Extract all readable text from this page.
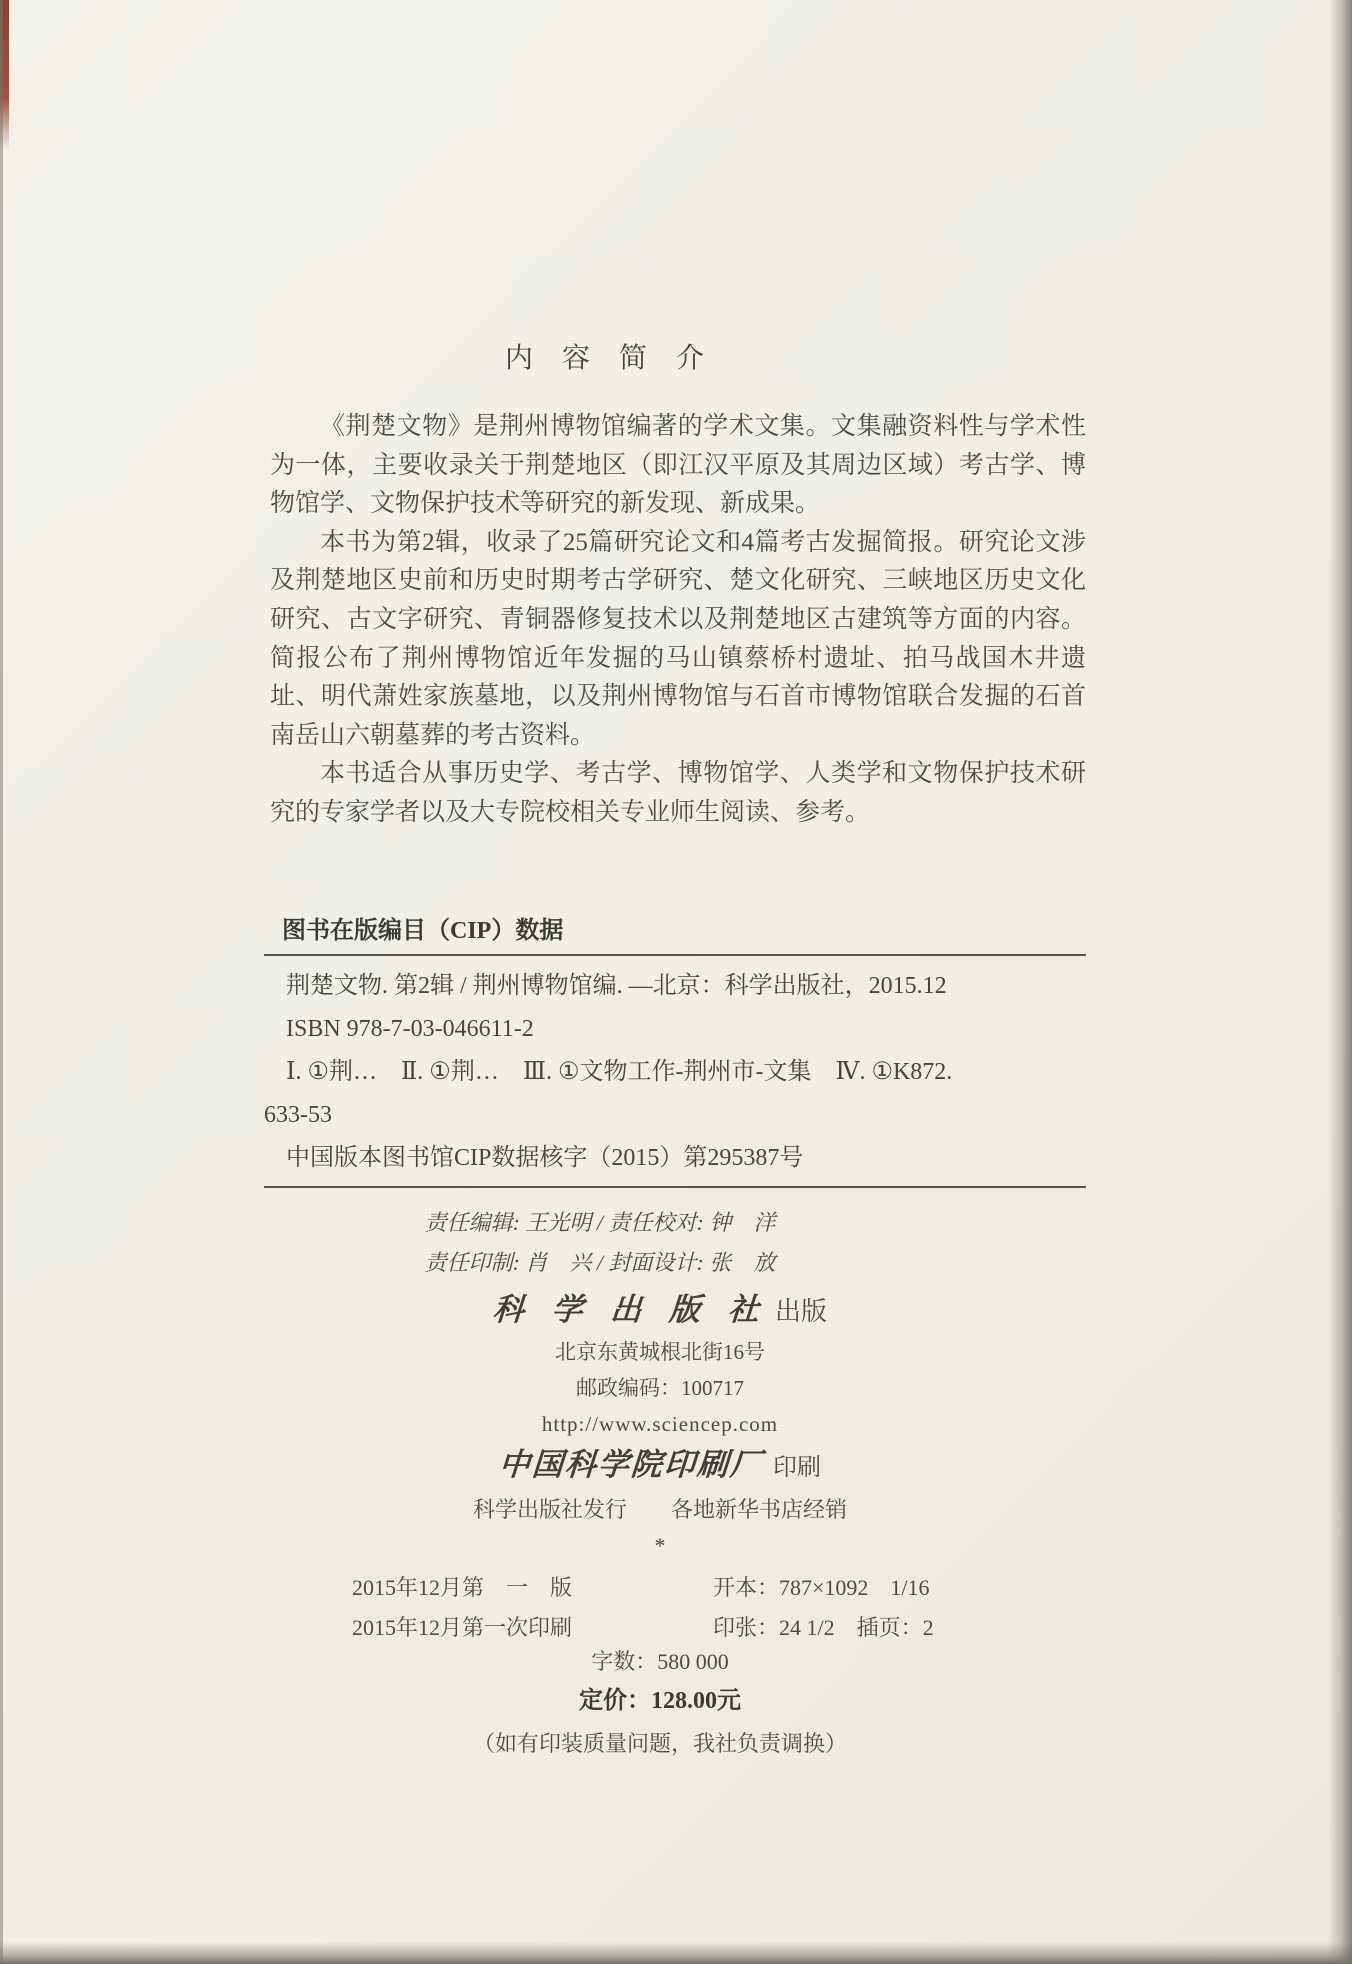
内 容 简 介

《荆楚文物》是荆州博物馆编著的学术文集。文集融资料性与学术性为一体，主要收录关于荆楚地区（即江汉平原及其周边区域）考古学、博物馆学、文物保护技术等研究的新发现、新成果。

本书为第2辑，收录了25篇研究论文和4篇考古发掘简报。研究论文涉及荆楚地区史前和历史时期考古学研究、楚文化研究、三峡地区历史文化研究、古文字研究、青铜器修复技术以及荆楚地区古建筑等方面的内容。简报公布了荆州博物馆近年发掘的马山镇蔡桥村遗址、拍马战国木井遗址、明代萧姓家族墓地，以及荆州博物馆与石首市博物馆联合发掘的石首南岳山六朝墓葬的考古资料。

本书适合从事历史学、考古学、博物馆学、人类学和文物保护技术研究的专家学者以及大专院校相关专业师生阅读、参考。

图书在版编目（CIP）数据

荆楚文物. 第2辑 / 荆州博物馆编. —北京：科学出版社，2015.12

ISBN 978-7-03-046611-2

Ⅰ. ①荆…　Ⅱ. ①荆…　Ⅲ. ①文物工作-荆州市-文集　Ⅳ. ①K872.

633-53

中国版本图书馆CIP数据核字（2015）第295387号

责任编辑: 王光明 / 责任校对: 钟　洋

责任印制: 肖　兴 / 封面设计: 张　放

科 学 出 版 社 出版

北京东黄城根北街16号

邮政编码：100717

http://www.sciencep.com

中国科学院印刷厂 印刷

科学出版社发行　　各地新华书店经销

*

2015年12月第　一　版	开本：787×1092　1/16
2015年12月第一次印刷	印张：24 1/2　插页：2

字数：580 000

定价：128.00元

（如有印装质量问题，我社负责调换）
